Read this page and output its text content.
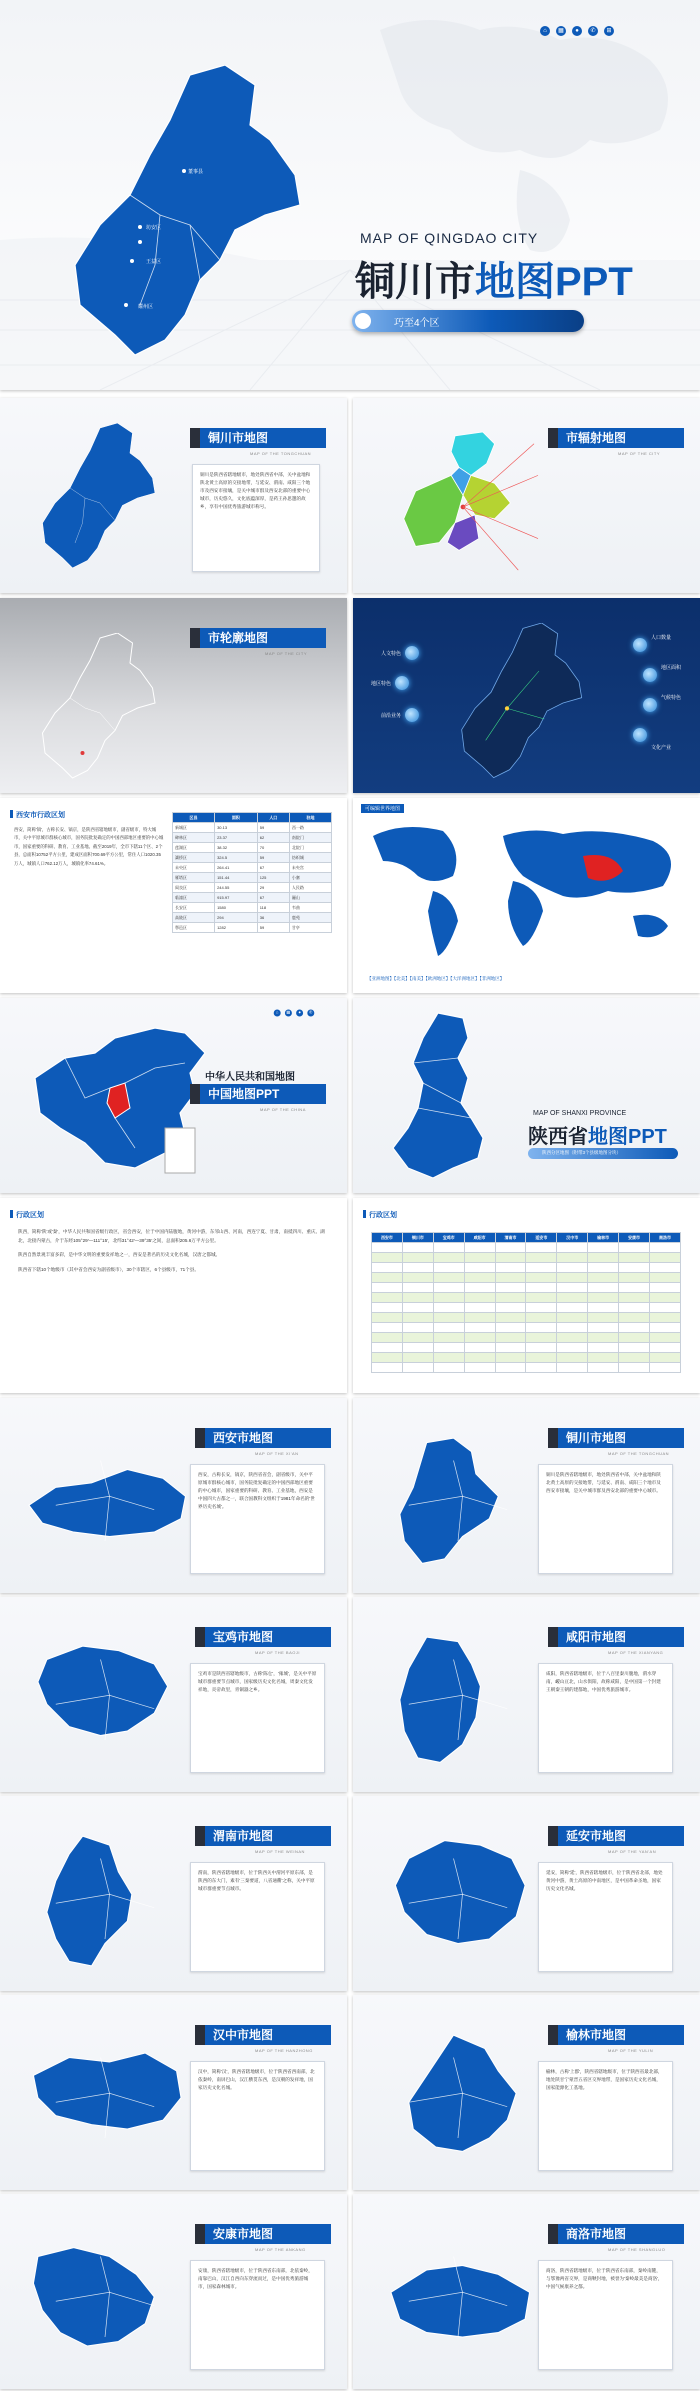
董事县
坊安区
王益区
耀州区
⌂	▦	●	✆	⊞
MAP OF QINGDAO CITY
铜川市地图PPT
巧至4个区
铜川市地图
MAP OF THE TONGCHUAN
铜川是陕西省辖地级市，地处陕西省中部，关中盆地和陕北黄土高原的交接地带，与延安、渭南、咸阳三个地市及西安市接壤，是关中城市群及西安北部的重要中心城市，历史悠久，文化底蕴深厚，是药王孙思邈的故乡，享有中国优秀旅游城市称号。
市辐射地图
MAP OF THE CITY
市轮廓地图
MAP OF THE CITY	人文特色
地区特色
前沿业务
人口数量
地区面积
气候特色
文化产业
西安市行政区划
西安，简称'镐'，古称长安、镐京，是陕西省辖地级市，副省级市，特大城市，关中平原城市群核心城市，国务院批复确定的中国西部地区重要的中心城市，国家重要的科研、教育、工业基地。截至2019年，全市下辖11个区、2个县，总面积10752平方公里，建成区面积700.69平方公里，常住人口1020.35万人，城镇人口762.12万人，城镇化率74.61%。
区县	面积	人口	驻地
新城区	30.13	59	西一路
碑林区	23.37	62	南院门
莲湖区	38.32	70	北院门
灞桥区	324.5	59	纺织城
未央区	264.41	67	未央宫
雁塔区	151.44	125	小寨
阎良区	244.55	29	人民路
临潼区	915.97	67	骊山
长安区	1580	118	韦曲
高陵区	294	36	鹿苑
鄠邑区	1282	59	甘亭
可编辑世界地图
【亚洲地图】【北美】【南美】【欧洲地区】【大洋洲地区】【非洲地区】
中华人民共和国地图
中国地图PPT
MAP OF THE CHINA
⌂	▦	●	✆
MAP OF SHANXI PROVINCE
陕西省地图PPT
陕西分区地图（附带3个县级地图分块）
行政区划
陕西，简称'陕'或'秦'，中华人民共和国省级行政区，省会西安，位于中国内陆腹地，黄河中游，东邻山西、河南，西连宁夏、甘肃，南抵四川、重庆、湖北，北接内蒙古，介于东经105°29′—111°15′，北纬31°42′—39°35′之间，总面积205.6万平方公里。
陕西自然景观丰富多彩，是中华文明的重要发祥地之一，西安是著名的历史文化名城，汉唐之都城。
陕西省下辖10个地级市（其中省会西安为副省级市），30个市辖区，6个县级市，71个县。
行政区划
西安市	铜川市	宝鸡市	咸阳市	渭南市	延安市	汉中市	榆林市	安康市	商洛市

西安市地图
MAP OF THE XI'AN
西安，古称长安，镐京，陕西省省会，副省级市，关中平原城市群核心城市，国务院批复确定的中国西部地区重要的中心城市，国家重要的科研、教育、工业基地，西安是中国四大古都之一，联合国教科文组织于1981年命名的'世界历史名城'。
铜川市地图
MAP OF THE TONGCHUAN
铜川是陕西省辖地级市，地处陕西省中部，关中盆地和陕北黄土高原的交接地带，与延安、渭南、咸阳三个地市及西安市接壤，是关中城市群及西安北部的重要中心城市。
宝鸡市地图
MAP OF THE BAOJI
宝鸡市是陕西省辖地级市，古称'陈仓'，'雍城'，是关中平原城市群重要节点城市，国家级历史文化名城，周秦文化发祥地，炎帝故里，青铜器之乡。
咸阳市地图
MAP OF THE XIANYANG
咸阳，陕西省辖地级市，位于八百里秦川腹地，渭水穿南，嵕山亘北，山水俱阳，故称咸阳，是中国第一个封建王朝秦王朝的建都地，中国优秀旅游城市。
渭南市地图
MAP OF THE WEINAN
渭南，陕西省辖地级市，位于陕西关中渭河平原东部，是陕西的东大门，素有'三秦要道，八省通衢'之称，关中平原城市群重要节点城市。
延安市地图
MAP OF THE YAN'AN
延安，简称'延'，陕西省辖地级市，位于陕西省北部，地处黄河中游，黄土高原的中南地区，是中国革命圣地，国家历史文化名城。
汉中市地图
MAP OF THE HANZHONG
汉中，简称'汉'，陕西省辖地级市，位于陕西省西南部，北依秦岭，南屏巴山，汉江横贯东西，是汉朝的发祥地，国家历史文化名城。
榆林市地图
MAP OF THE YULIN
榆林，古称'上郡'，陕西省辖地级市，位于陕西省最北部，地处陕甘宁蒙晋五省区交界地带，是国家历史文化名城，国家能源化工基地。
安康市地图
MAP OF THE ANKANG
安康，陕西省辖地级市，位于陕西省东南部，北依秦岭，南靠巴山，汉江自西向东穿流而过，是中国优秀旅游城市，国家森林城市。
商洛市地图
MAP OF THE SHANGLUO
商洛，陕西省辖地级市，位于陕西省东南部，秦岭南麓，与鄂豫两省交界，是商鞅封地，被誉为'秦岭最美是商洛'，中国气候康养之都。
